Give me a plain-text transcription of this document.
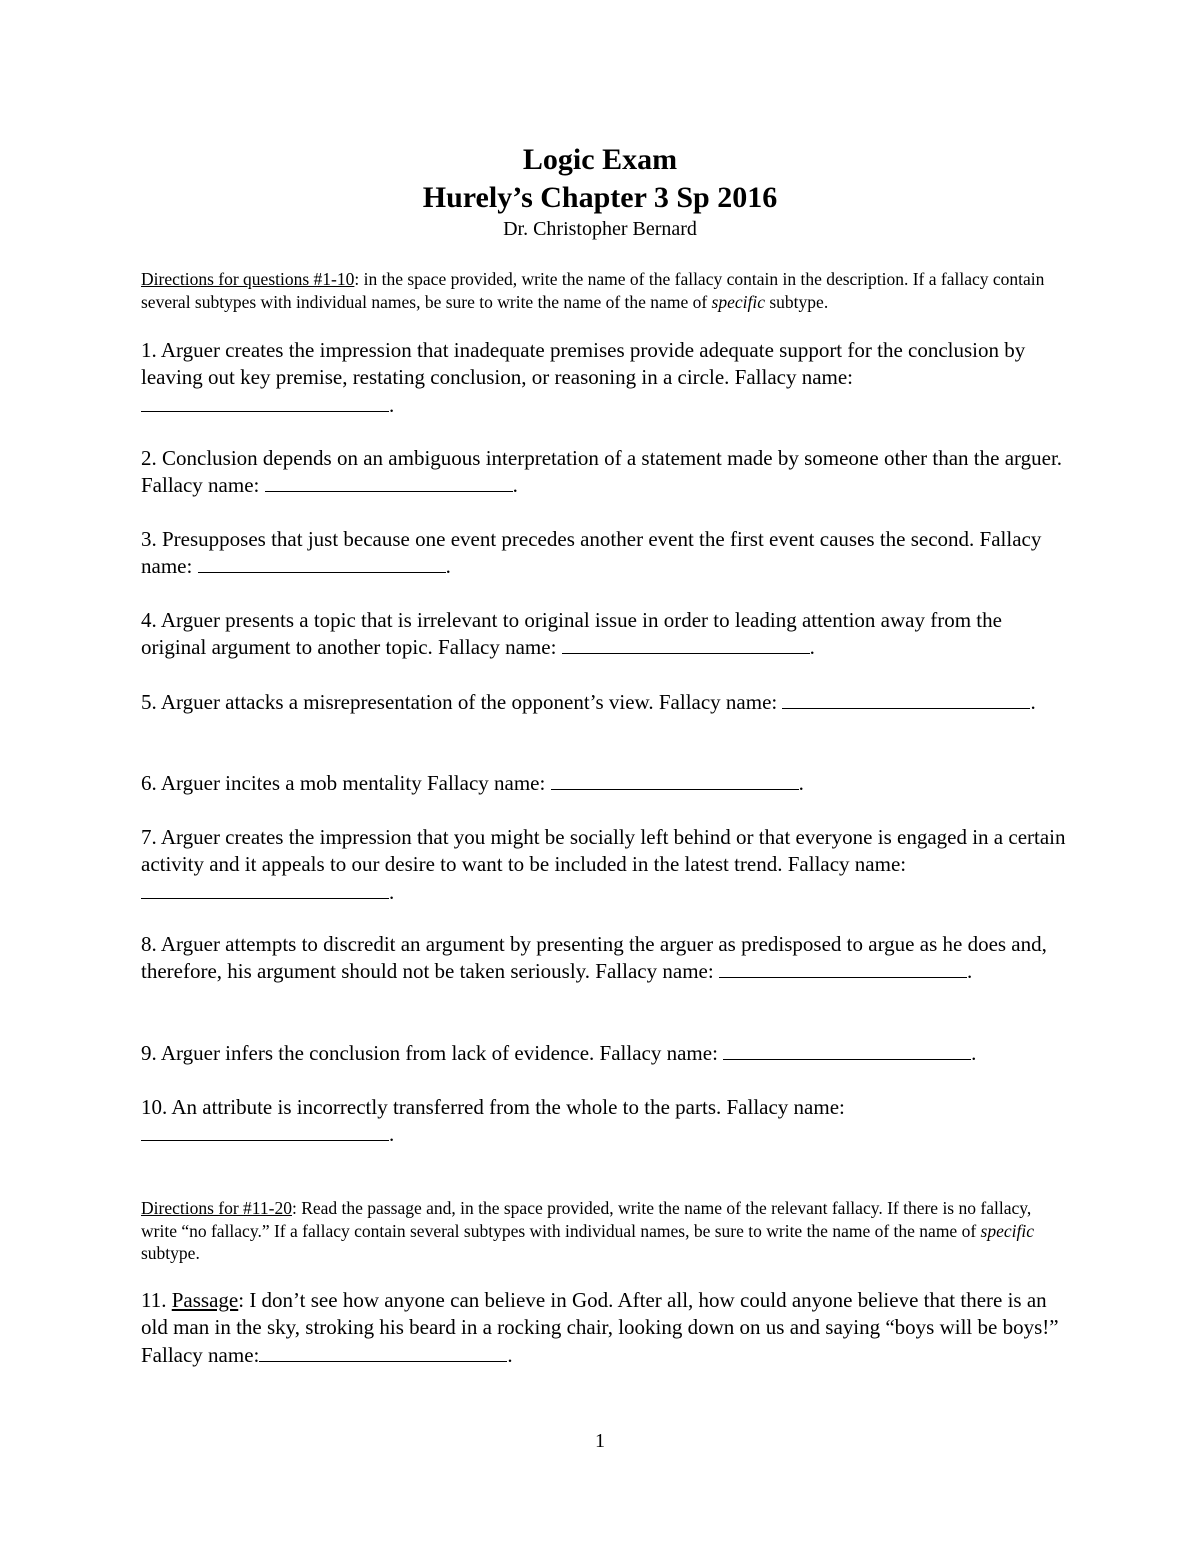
Logic Exam
Hurely’s Chapter 3 Sp 2016
Dr. Christopher Bernard
Directions for questions #1-10: in the space provided, write the name of the fallacy contain in the description. If a fallacy contain several subtypes with individual names, be sure to write the name of the name of specific subtype.
1. Arguer creates the impression that inadequate premises provide adequate support for the conclusion by leaving out key premise, restating conclusion, or reasoning in a circle. Fallacy name: .
2. Conclusion depends on an ambiguous interpretation of a statement made by someone other than the arguer. Fallacy name:	.
3. Presupposes that just because one event precedes another event the first event causes the second. Fallacy name:	.
4. Arguer presents a topic that is irrelevant to original issue in order to leading attention away from the original argument to another topic. Fallacy name:	.
5. Arguer attacks a misrepresentation of the opponent’s view. Fallacy name:	.
6. Arguer incites a mob mentality Fallacy name:	.
7. Arguer creates the impression that you might be socially left behind or that everyone is engaged in a certain activity and it appeals to our desire to want to be included in the latest trend. Fallacy name: .
8. Arguer attempts to discredit an argument by presenting the arguer as predisposed to argue as he does and, therefore, his argument should not be taken seriously. Fallacy name:	.
9. Arguer infers the conclusion from lack of evidence. Fallacy name:	.
10. An attribute is incorrectly transferred from the whole to the parts. Fallacy name: .
Directions for #11-20: Read the passage and, in the space provided, write the name of the relevant fallacy. If there is no fallacy, write “no fallacy.” If a fallacy contain several subtypes with individual names, be sure to write the name of the name of specific subtype.
11. Passage: I don’t see how anyone can believe in God. After all, how could anyone believe that there is an old man in the sky, stroking his beard in a rocking chair, looking down on us and saying “boys will be boys!”
Fallacy name:	.
1
